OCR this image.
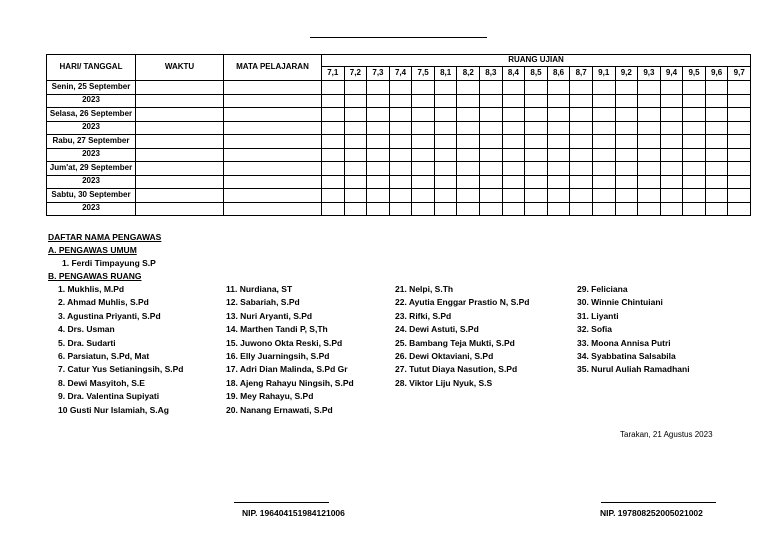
HARI/ TANGGAL	WAKTU	MATA PELAJARAN	RUANG UJIAN																		
			7,1	7,2	7,3	7,4	7,5	8,1	8,2	8,3	8,4	8,5	8,6	8,7	9,1	9,2	9,3	9,4	9,5	9,6	9,7
Senin, 25 September																					
2023																					
Selasa, 26 September																					
2023																					
Rabu, 27 September																					
2023																					
Jum'at, 29 September																					
2023																					
Sabtu, 30 September																					
2023																					
DAFTAR NAMA PENGAWAS
A. PENGAWAS UMUM
1. Ferdi Timpayung S.P
B. PENGAWAS RUANG
1. Mukhlis, M.Pd
2. Ahmad Muhlis, S.Pd
3. Agustina Priyanti, S.Pd
4. Drs. Usman
5. Dra. Sudarti
6. Parsiatun, S.Pd, Mat
7. Catur Yus Setianingsih, S.Pd
8. Dewi Masyitoh, S.E
9. Dra. Valentina Supiyati
10 Gusti Nur Islamiah, S.Ag
11. Nurdiana, ST
12. Sabariah, S.Pd
13. Nuri Aryanti, S.Pd
14. Marthen Tandi P, S,Th
15. Juwono Okta Reski, S.Pd
16. Elly Juarningsih, S.Pd
17. Adri Dian Malinda, S.Pd Gr
18. Ajeng Rahayu Ningsih, S.Pd
19. Mey Rahayu, S.Pd
20. Nanang Ernawati, S.Pd
21. Nelpi, S.Th
22. Ayutia Enggar Prastio N, S.Pd
23. Rifki, S.Pd
24. Dewi Astuti, S.Pd
25. Bambang Teja Mukti, S.Pd
26. Dewi Oktaviani, S.Pd
27. Tutut Diaya Nasution, S.Pd
28. Viktor Liju Nyuk, S.S
29. Feliciana
30. Winnie Chintuiani
31. Liyanti
32. Sofia
33. Moona Annisa Putri
34. Syabbatina Salsabila
35. Nurul Auliah Ramadhani
Tarakan, 21 Agustus 2023
NIP. 196404151984121006	NIP. 197808252005021002
